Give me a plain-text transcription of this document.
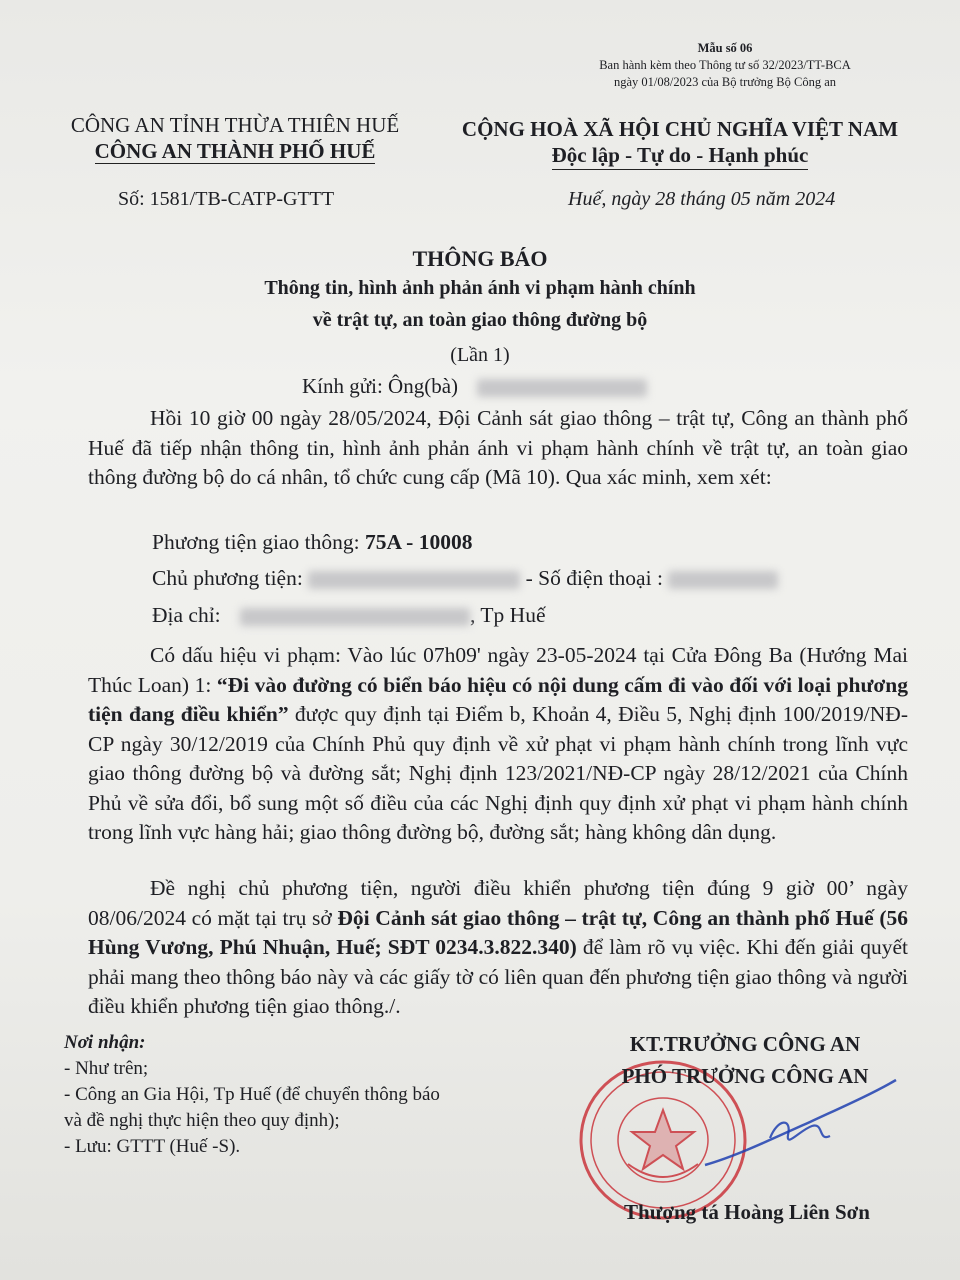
Mẫu số 06
Ban hành kèm theo Thông tư số 32/2023/TT-BCA
ngày 01/08/2023 của Bộ trưởng Bộ Công an
CÔNG AN TỈNH THỪA THIÊN HUẾ
CÔNG AN THÀNH PHỐ HUẾ
CỘNG HOÀ XÃ HỘI CHỦ NGHĨA VIỆT NAM
Độc lập - Tự do - Hạnh phúc
Số: 1581/TB-CATP-GTTT	Huế, ngày 28 tháng 05 năm 2024
THÔNG BÁO
Thông tin, hình ảnh phản ánh vi phạm hành chính
về trật tự, an toàn giao thông đường bộ
(Lần 1)
Kính gửi: Ông(bà)
Hồi 10 giờ 00 ngày 28/05/2024, Đội Cảnh sát giao thông – trật tự, Công an thành phố Huế đã tiếp nhận thông tin, hình ảnh phản ánh vi phạm hành chính về trật tự, an toàn giao thông đường bộ do cá nhân, tổ chức cung cấp (Mã 10). Qua xác minh, xem xét:
Phương tiện giao thông: 75A - 10008
Chủ phương tiện:	- Số điện thoại :
Địa chỉ:	, Tp Huế
Có dấu hiệu vi phạm: Vào lúc 07h09' ngày 23-05-2024 tại Cửa Đông Ba (Hướng Mai Thúc Loan) 1: “Đi vào đường có biển báo hiệu có nội dung cấm đi vào đối với loại phương tiện đang điều khiển” được quy định tại Điểm b, Khoản 4, Điều 5, Nghị định 100/2019/NĐ-CP ngày 30/12/2019 của Chính Phủ quy định về xử phạt vi phạm hành chính trong lĩnh vực giao thông đường bộ và đường sắt; Nghị định 123/2021/NĐ-CP ngày 28/12/2021 của Chính Phủ về sửa đổi, bổ sung một số điều của các Nghị định quy định xử phạt vi phạm hành chính trong lĩnh vực hàng hải; giao thông đường bộ, đường sắt; hàng không dân dụng.
Đề nghị chủ phương tiện, người điều khiển phương tiện đúng 9 giờ 00’ ngày 08/06/2024 có mặt tại trụ sở Đội Cảnh sát giao thông – trật tự, Công an thành phố Huế (56 Hùng Vương, Phú Nhuận, Huế; SĐT 0234.3.822.340) để làm rõ vụ việc. Khi đến giải quyết phải mang theo thông báo này và các giấy tờ có liên quan đến phương tiện giao thông và người điều khiển phương tiện giao thông./.
Nơi nhận:
- Như trên;
- Công an Gia Hội, Tp Huế (để chuyển thông báo
và đề nghị thực hiện theo quy định);
- Lưu: GTTT (Huế -S).
KT.TRƯỞNG CÔNG AN
PHÓ TRƯỞNG CÔNG AN
Thượng tá Hoàng Liên Sơn
